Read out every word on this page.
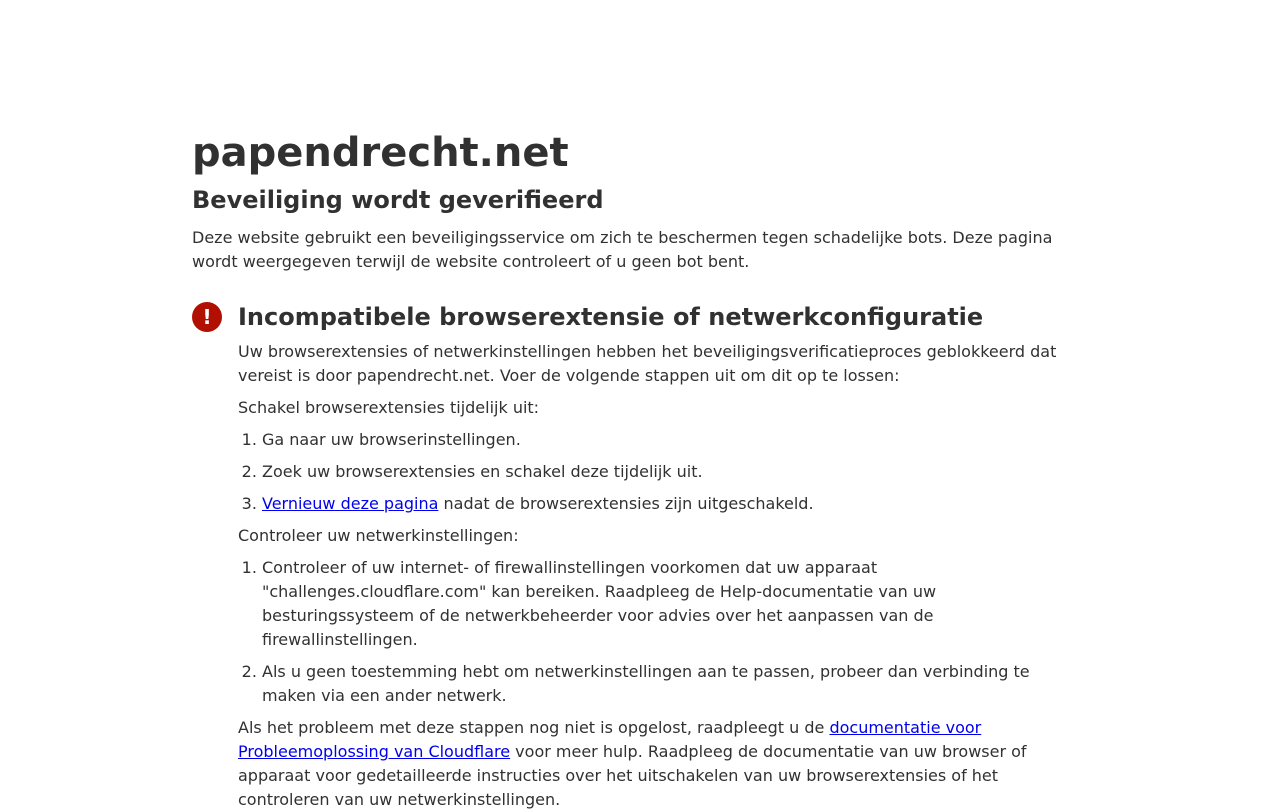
papendrecht.net
Beveiliging wordt geverifieerd

Deze website gebruikt een beveiligingsservice om zich te beschermen tegen schadelijke bots. Deze pagina wordt weergegeven terwijl de website controleert of u geen bot bent.

!	Incompatibele browserextensie of netwerkconfiguratie

Uw browserextensies of netwerkinstellingen hebben het beveiligingsverificatieproces geblokkeerd dat vereist is door papendrecht.net. Voer de volgende stappen uit om dit op te lossen:

Schakel browserextensies tijdelijk uit:

1. Ga naar uw browserinstellingen.
2. Zoek uw browserextensies en schakel deze tijdelijk uit.
3. Vernieuw deze pagina nadat de browserextensies zijn uitgeschakeld.

Controleer uw netwerkinstellingen:

1. Controleer of uw internet- of firewallinstellingen voorkomen dat uw apparaat "challenges.cloudflare.com" kan bereiken. Raadpleeg de Help-documentatie van uw besturingssysteem of de netwerkbeheerder voor advies over het aanpassen van de firewallinstellingen.
2. Als u geen toestemming hebt om netwerkinstellingen aan te passen, probeer dan verbinding te maken via een ander netwerk.

Als het probleem met deze stappen nog niet is opgelost, raadpleegt u de documentatie voor Probleemoplossing van Cloudflare voor meer hulp. Raadpleeg de documentatie van uw browser of apparaat voor gedetailleerde instructies over het uitschakelen van uw browserextensies of het controleren van uw netwerkinstellingen.
